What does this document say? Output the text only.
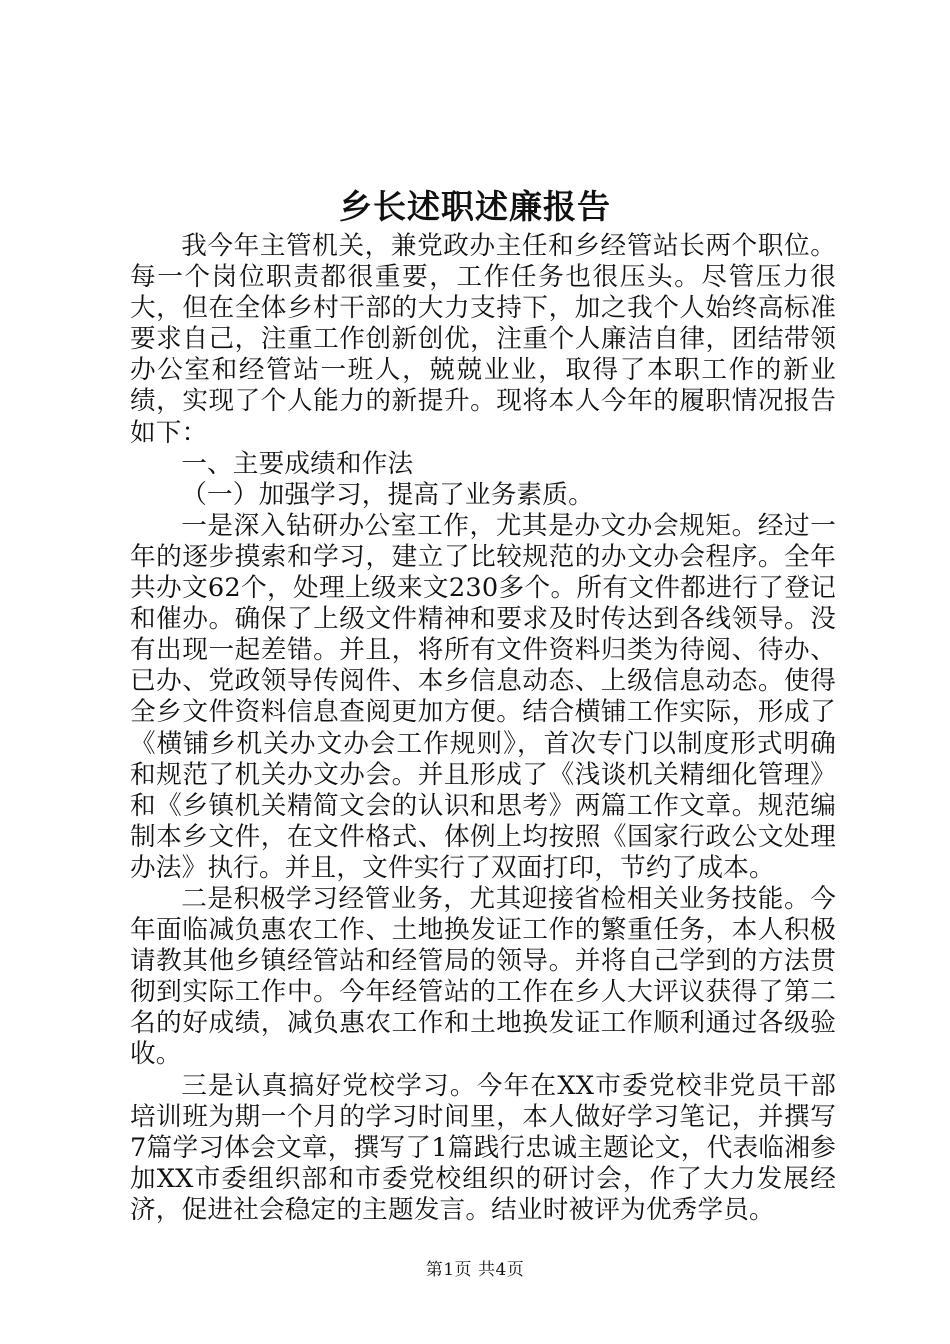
乡长述职述廉报告

我今年主管机关，兼党政办主任和乡经管站长两个职位。每一个岗位职责都很重要，工作任务也很压头。尽管压力很大，但在全体乡村干部的大力支持下，加之我个人始终高标准要求自己，注重工作创新创优，注重个人廉洁自律，团结带领办公室和经管站一班人，兢兢业业，取得了本职工作的新业绩，实现了个人能力的新提升。现将本人今年的履职情况报告如下：

一、主要成绩和作法

（一）加强学习，提高了业务素质。

一是深入钻研办公室工作，尤其是办文办会规矩。经过一年的逐步摸索和学习，建立了比较规范的办文办会程序。全年共办文62个，处理上级来文230多个。所有文件都进行了登记和催办。确保了上级文件精神和要求及时传达到各线领导。没有出现一起差错。并且，将所有文件资料归类为待阅、待办、已办、党政领导传阅件、本乡信息动态、上级信息动态。使得全乡文件资料信息查阅更加方便。结合横铺工作实际，形成了《横铺乡机关办文办会工作规则》，首次专门以制度形式明确和规范了机关办文办会。并且形成了《浅谈机关精细化管理》和《乡镇机关精简文会的认识和思考》两篇工作文章。规范编制本乡文件，在文件格式、体例上均按照《国家行政公文处理办法》执行。并且，文件实行了双面打印，节约了成本。

二是积极学习经管业务，尤其迎接省检相关业务技能。今年面临减负惠农工作、土地换发证工作的繁重任务，本人积极请教其他乡镇经管站和经管局的领导。并将自己学到的方法贯彻到实际工作中。今年经管站的工作在乡人大评议获得了第二名的好成绩，减负惠农工作和土地换发证工作顺利通过各级验收。

三是认真搞好党校学习。今年在XX市委党校非党员干部培训班为期一个月的学习时间里，本人做好学习笔记，并撰写7篇学习体会文章，撰写了1篇践行忠诚主题论文，代表临湘参加XX市委组织部和市委党校组织的研讨会，作了大力发展经济，促进社会稳定的主题发言。结业时被评为优秀学员。

第1页 共4页
